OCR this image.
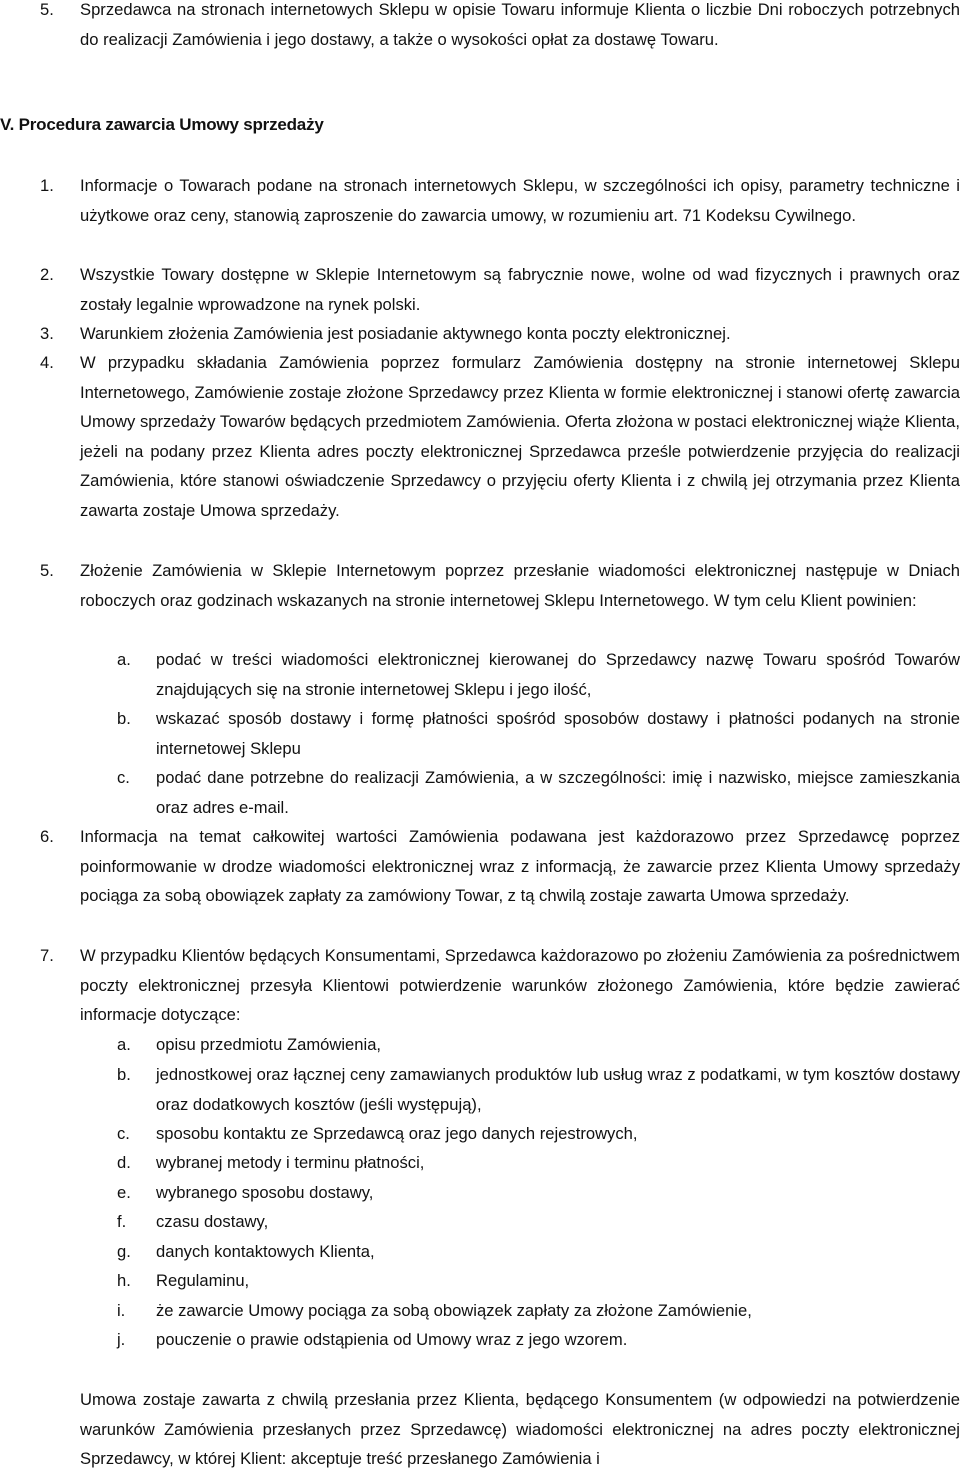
5.	Sprzedawca na stronach internetowych Sklepu w opisie Towaru informuje Klienta o liczbie Dni roboczych potrzebnych do realizacji Zamówienia i jego dostawy, a także o wysokości opłat za dostawę Towaru.
V. Procedura zawarcia Umowy sprzedaży
1.	Informacje o Towarach podane na stronach internetowych Sklepu, w szczególności ich opisy, parametry techniczne i użytkowe oraz ceny, stanowią zaproszenie do zawarcia umowy, w rozumieniu art. 71 Kodeksu Cywilnego.
2.	Wszystkie Towary dostępne w Sklepie Internetowym są fabrycznie nowe, wolne od wad fizycznych i prawnych oraz zostały legalnie wprowadzone na rynek polski.
3.	Warunkiem złożenia Zamówienia jest posiadanie aktywnego konta poczty elektronicznej.
4.	W przypadku składania Zamówienia poprzez formularz Zamówienia dostępny na stronie internetowej Sklepu Internetowego, Zamówienie zostaje złożone Sprzedawcy przez Klienta w formie elektronicznej i stanowi ofertę zawarcia Umowy sprzedaży Towarów będących przedmiotem Zamówienia. Oferta złożona w postaci elektronicznej wiąże Klienta, jeżeli na podany przez Klienta adres poczty elektronicznej Sprzedawca prześle potwierdzenie przyjęcia do realizacji Zamówienia, które stanowi oświadczenie Sprzedawcy o przyjęciu oferty Klienta i z chwilą jej otrzymania przez Klienta zawarta zostaje Umowa sprzedaży.
5.	Złożenie Zamówienia w Sklepie Internetowym poprzez przesłanie wiadomości elektronicznej następuje w Dniach roboczych oraz godzinach wskazanych na stronie internetowej Sklepu Internetowego. W tym celu Klient powinien:
a.	podać w treści wiadomości elektronicznej kierowanej do Sprzedawcy nazwę Towaru spośród Towarów znajdujących się na stronie internetowej Sklepu i jego ilość,
b.	wskazać sposób dostawy i formę płatności spośród sposobów dostawy i płatności podanych na stronie internetowej Sklepu
c.	podać dane potrzebne do realizacji Zamówienia, a w szczególności: imię i nazwisko, miejsce zamieszkania oraz adres e-mail.
6.	Informacja na temat całkowitej wartości Zamówienia podawana jest każdorazowo przez Sprzedawcę poprzez poinformowanie w drodze wiadomości elektronicznej wraz z informacją, że zawarcie przez Klienta Umowy sprzedaży pociąga za sobą obowiązek zapłaty za zamówiony Towar, z tą chwilą zostaje zawarta Umowa sprzedaży.
7.	W przypadku Klientów będących Konsumentami, Sprzedawca każdorazowo po złożeniu Zamówienia za pośrednictwem poczty elektronicznej przesyła Klientowi potwierdzenie warunków złożonego Zamówienia, które będzie zawierać informacje dotyczące:
a.	opisu przedmiotu Zamówienia,
b.	jednostkowej oraz łącznej ceny zamawianych produktów lub usług wraz z podatkami, w tym kosztów dostawy oraz dodatkowych kosztów (jeśli występują),
c.	sposobu kontaktu ze Sprzedawcą oraz jego danych rejestrowych,
d.	wybranej metody i terminu płatności,
e.	wybranego sposobu dostawy,
f.	czasu dostawy,
g.	danych kontaktowych Klienta,
h.	Regulaminu,
i.	że zawarcie Umowy pociąga za sobą obowiązek zapłaty za złożone Zamówienie,
j.	pouczenie o prawie odstąpienia od Umowy wraz z jego wzorem.
Umowa zostaje zawarta z chwilą przesłania przez Klienta, będącego Konsumentem (w odpowiedzi na potwierdzenie warunków Zamówienia przesłanych przez Sprzedawcę) wiadomości elektronicznej na adres poczty elektronicznej Sprzedawcy, w której Klient: akceptuje treść przesłanego Zamówienia i
